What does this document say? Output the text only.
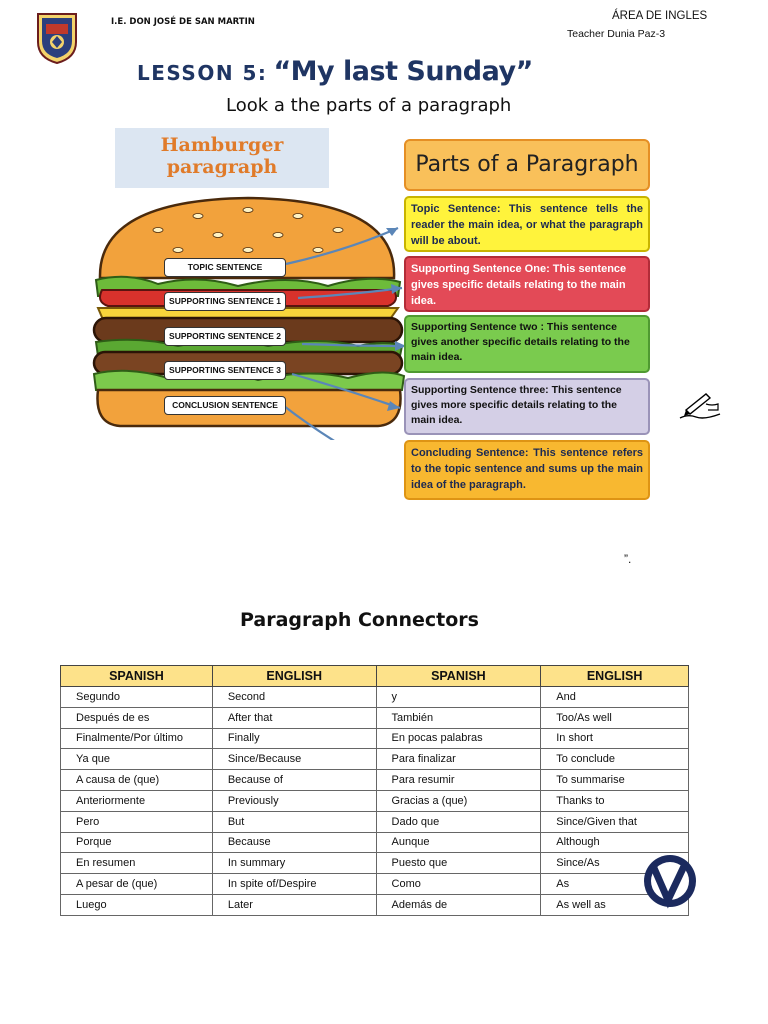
I.E. DON JOSÉ DE SAN MARTIN	ÁREA DE INGLES
Teacher Dunia Paz-3
LESSON 5: “My last Sunday”
Look a the parts of a paragraph
Hamburger
paragraph
TOPIC SENTENCE
SUPPORTING SENTENCE 1
SUPPORTING SENTENCE 2
SUPPORTING SENTENCE 3
CONCLUSION SENTENCE
Parts of a Paragraph
Topic Sentence: This sentence tells the reader the main idea, or what the paragraph will be about.
Supporting Sentence One: This sentence gives specific details relating to the main idea.
Supporting Sentence two : This sentence gives another specific details relating to the main idea.
Supporting Sentence three: This sentence gives more specific details relating to the main idea.
Concluding Sentence: This sentence refers to the topic sentence and sums up the main idea of the paragraph.
”.
Paragraph Connectors
SPANISH	ENGLISH	SPANISH	ENGLISH
Segundo	Second	y	And
Después de es	After that	También	Too/As well
Finalmente/Por último	Finally	En pocas palabras	In short
Ya que	Since/Because	Para finalizar	To conclude
A causa de (que)	Because of	Para resumir	To summarise
Anteriormente	Previously	Gracias a (que)	Thanks to
Pero	But	Dado que	Since/Given that
Porque	Because	Aunque	Although
En resumen	In summary	Puesto que	Since/As
A pesar de (que)	In spite of/Despire	Como	As
Luego	Later	Además de	As well as
